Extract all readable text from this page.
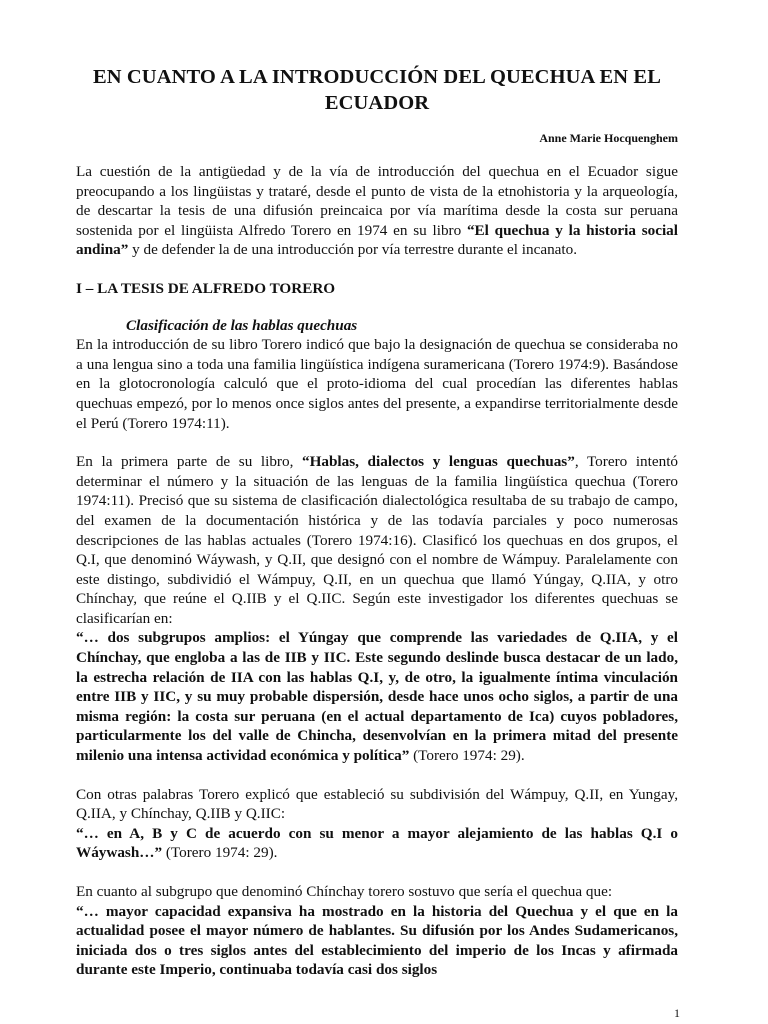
EN CUANTO A LA INTRODUCCIÓN DEL QUECHUA EN EL ECUADOR
Anne Marie Hocquenghem

La cuestión de la antigüedad y de la vía de introducción del quechua en el Ecuador sigue preocupando a los lingüistas y trataré, desde el punto de vista de la etnohistoria y la arqueología, de descartar la tesis de una difusión preincaica por vía marítima desde la costa sur peruana sostenida por el lingüista Alfredo Torero en 1974 en su libro “El quechua y la historia social andina” y de defender la de una introducción por vía terrestre durante el incanato.

I – LA TESIS DE ALFREDO TORERO
Clasificación de las hablas quechuas

En la introducción de su libro Torero indicó que bajo la designación de quechua se consideraba no a una lengua sino a toda una familia lingüística indígena suramericana (Torero 1974:9). Basándose en la glotocronología calculó que el proto-idioma del cual procedían las diferentes hablas quechuas empezó, por lo menos once siglos antes del presente, a expandirse territorialmente desde el Perú (Torero 1974:11).

En la primera parte de su libro, “Hablas, dialectos y lenguas quechuas”, Torero intentó determinar el número y la situación de las lenguas de la familia lingüística quechua (Torero 1974:11). Precisó que su sistema de clasificación dialectológica resultaba de su trabajo de campo, del examen de la documentación histórica y de las todavía parciales y poco numerosas descripciones de las hablas actuales (Torero 1974:16). Clasificó los quechuas en dos grupos, el Q.I, que denominó Wáywash, y Q.II, que designó con el nombre de Wámpuy. Paralelamente con este distingo, subdividió el Wámpuy, Q.II, en un quechua que llamó Yúngay, Q.IIA, y otro Chínchay, que reúne el Q.IIB y el Q.IIC. Según este investigador los diferentes quechuas se clasificarían en:

“… dos subgrupos amplios: el Yúngay que comprende las variedades de Q.IIA, y el Chínchay, que engloba a las de IIB y IIC. Este segundo deslinde busca destacar de un lado, la estrecha relación de IIA con las hablas Q.I, y, de otro, la igualmente íntima vinculación entre IIB y IIC, y su muy probable dispersión, desde hace unos ocho siglos, a partir de una misma región: la costa sur peruana (en el actual departamento de Ica) cuyos pobladores, particularmente los del valle de Chincha, desenvolvían en la primera mitad del presente milenio una intensa actividad económica y política” (Torero 1974: 29).

Con otras palabras Torero explicó que estableció su subdivisión del Wámpuy, Q.II, en Yungay, Q.IIA, y Chínchay, Q.IIB y Q.IIC:

“… en A, B y C de acuerdo con su menor a mayor alejamiento de las hablas Q.I o Wáywash…” (Torero 1974: 29).

En cuanto al subgrupo que denominó Chínchay torero sostuvo que sería el quechua que:

“… mayor capacidad expansiva ha mostrado en la historia del Quechua y el que en la actualidad posee el mayor número de hablantes. Su difusión por los Andes Sudamericanos, iniciada dos o tres siglos antes del establecimiento del imperio de los Incas y afirmada durante este Imperio, continuaba todavía casi dos siglos

1
